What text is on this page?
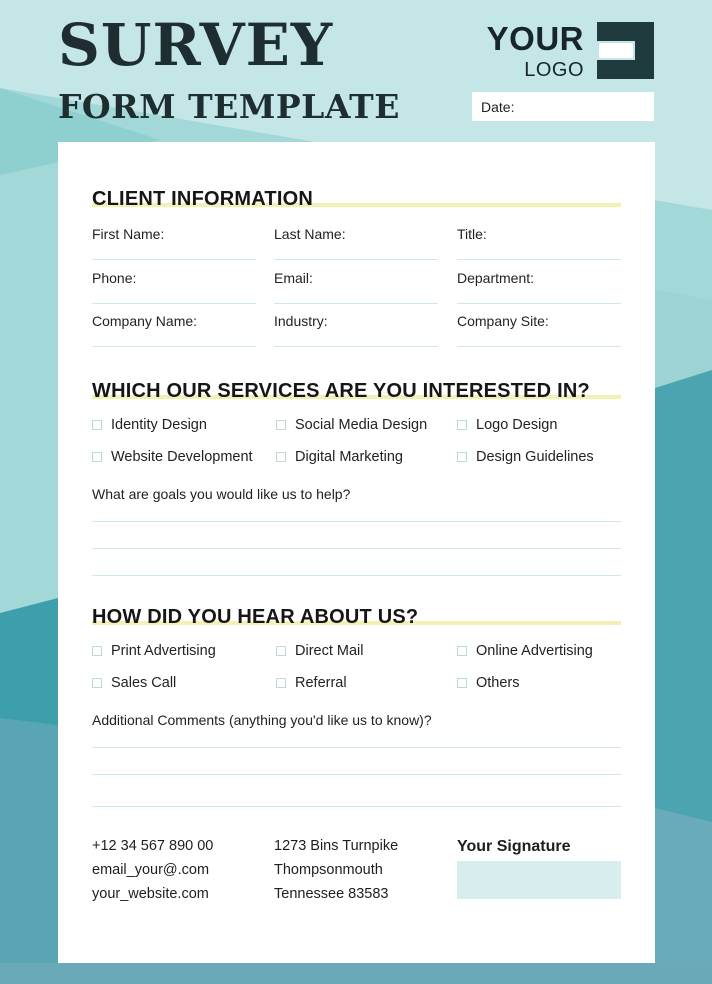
SURVEY
FORM TEMPLATE
YOUR
LOGO
Date:
CLIENT INFORMATION
First Name:	Last Name:	Title:
Phone:	Email:	Department:
Company Name:	Industry:	Company Site:
WHICH OUR SERVICES ARE YOU INTERESTED IN?
Identity Design	Social Media Design	Logo Design
Website Development	Digital Marketing	Design Guidelines
What are goals you would like us to help?
HOW DID YOU HEAR ABOUT US?
Print Advertising	Direct Mail	Online Advertising
Sales Call	Referral	Others
Additional Comments (anything you'd like us to know)?
+12 34 567 890 00
email_your@.com
your_website.com
1273 Bins Turnpike
Thompsonmouth
Tennessee 83583
Your Signature
